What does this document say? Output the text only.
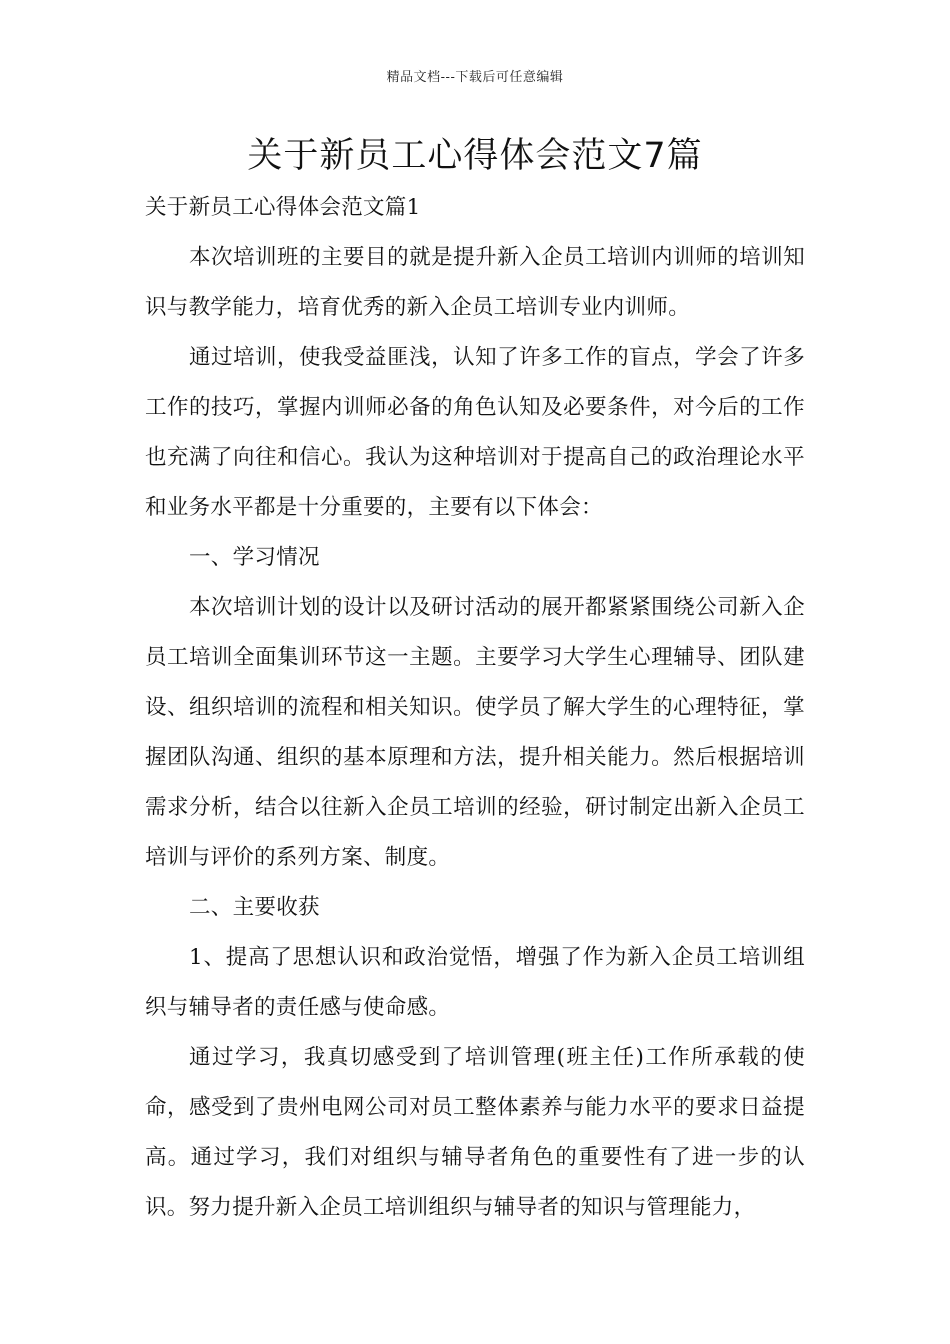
精品文档---下载后可任意编辑
关于新员工心得体会范文7篇

关于新员工心得体会范文篇1

本次培训班的主要目的就是提升新入企员工培训内训师的培训知识与教学能力，培育优秀的新入企员工培训专业内训师。

通过培训，使我受益匪浅，认知了许多工作的盲点，学会了许多工作的技巧，掌握内训师必备的角色认知及必要条件，对今后的工作也充满了向往和信心。我认为这种培训对于提高自己的政治理论水平和业务水平都是十分重要的，主要有以下体会：

一、学习情况

本次培训计划的设计以及研讨活动的展开都紧紧围绕公司新入企员工培训全面集训环节这一主题。主要学习大学生心理辅导、团队建设、组织培训的流程和相关知识。使学员了解大学生的心理特征，掌握团队沟通、组织的基本原理和方法，提升相关能力。然后根据培训需求分析，结合以往新入企员工培训的经验，研讨制定出新入企员工培训与评价的系列方案、制度。

二、主要收获

1、提高了思想认识和政治觉悟，增强了作为新入企员工培训组织与辅导者的责任感与使命感。

通过学习，我真切感受到了培训管理(班主任)工作所承载的使命，感受到了贵州电网公司对员工整体素养与能力水平的要求日益提高。通过学习，我们对组织与辅导者角色的重要性有了进一步的认识。努力提升新入企员工培训组织与辅导者的知识与管理能力，
